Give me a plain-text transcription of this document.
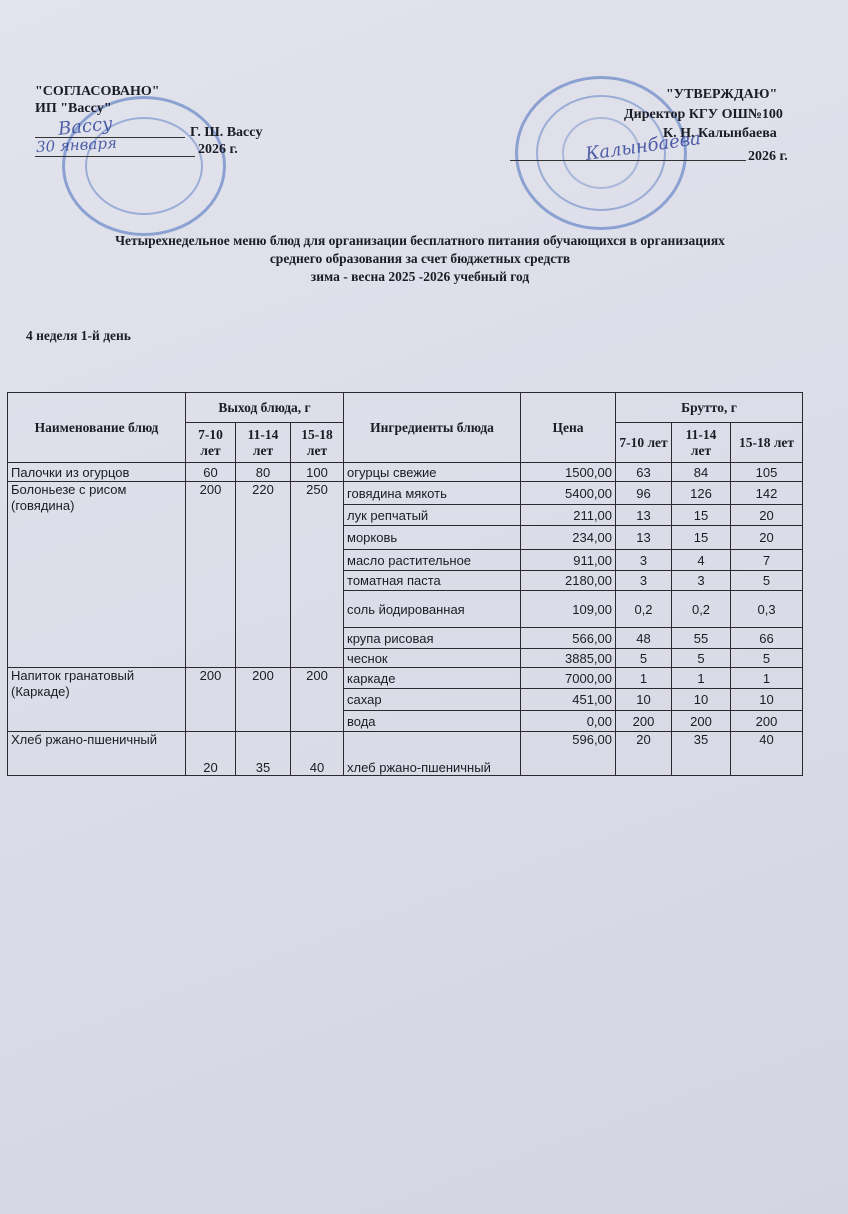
"СОГЛАСОВАНО"
ИП "Васcу"
Васcу	Г. Ш. Васcу
30 января	2026 г.
"УТВЕРЖДАЮ"
Директор КГУ ОШ№100
К. Н. Калынбаева
Калынбаева	2026 г.
Четырехнедельное меню блюд для организации бесплатного питания обучающихся в организациях
среднего образования за счет бюджетных средств
зима - весна 2025 -2026 учебный год
4 неделя 1-й день
Наименование блюд	Выход блюда, г			Ингредиенты блюда	Цена	Брутто, г		
	7-10 лет	11-14 лет	15-18 лет			7-10 лет	11-14 лет	15-18 лет
Палочки из огурцов	60	80	100	огурцы свежие	1500,00	63	84	105
Болоньезе с рисом (говядина)	200	220	250	говядина мякоть	5400,00	96	126	142
				лук репчатый	211,00	13	15	20
				морковь	234,00	13	15	20
				масло растительное	911,00	3	4	7
				томатная паста	2180,00	3	3	5
				соль йодированная	109,00	0,2	0,2	0,3
				крупа рисовая	566,00	48	55	66
				чеснок	3885,00	5	5	5
Напиток гранатовый (Каркаде)	200	200	200	каркаде	7000,00	1	1	1
				сахар	451,00	10	10	10
				вода	0,00	200	200	200
Хлеб ржано-пшеничный	20	35	40	хлеб ржано-пшеничный	596,00	20	35	40
